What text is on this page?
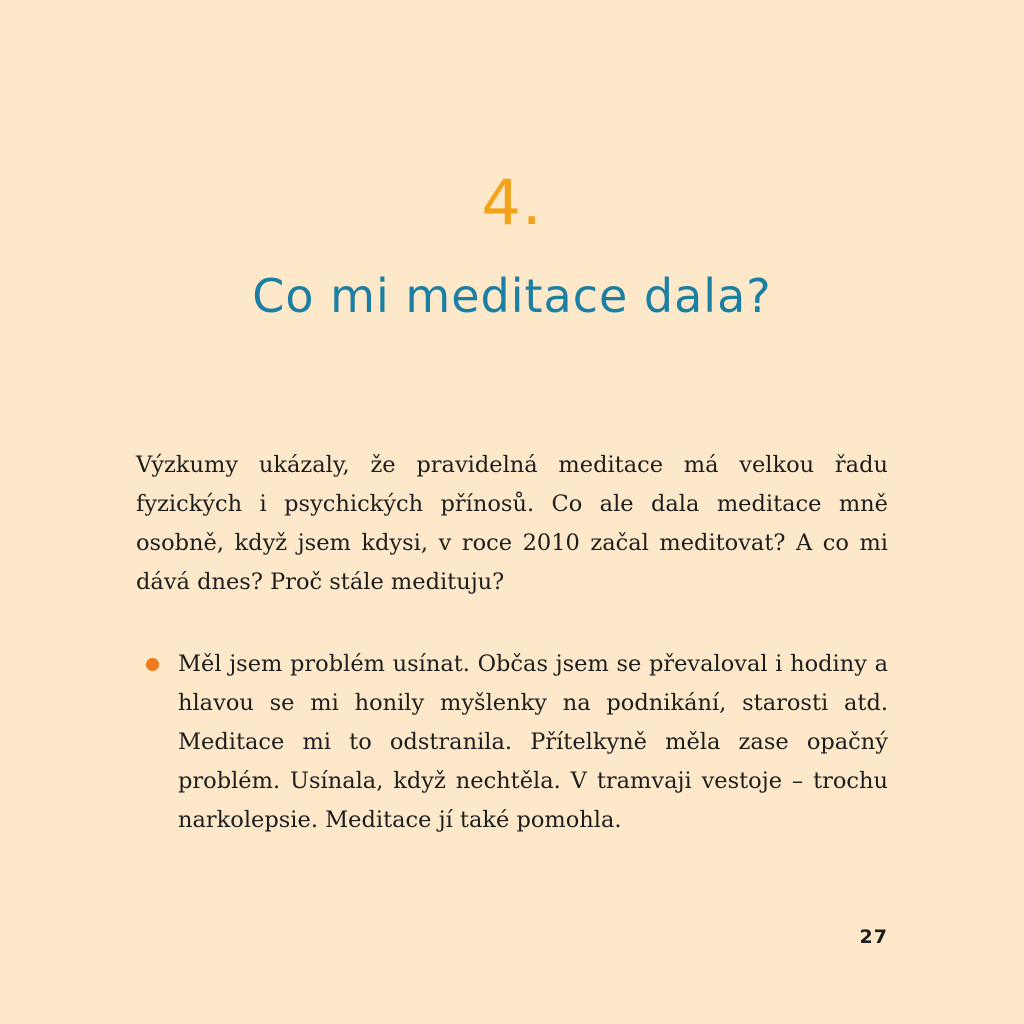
4.
Co mi meditace dala?

Výzkumy ukázaly, že pravidelná meditace má velkou řadu fyzických i psychických přínosů. Co ale dala meditace mně osobně, když jsem kdysi, v roce 2010 začal meditovat? A co mi dává dnes? Proč stále medituju?

Měl jsem problém usínat. Občas jsem se převaloval i hodiny a hlavou se mi honily myšlenky na podnikání, starosti atd. Meditace mi to odstranila. Přítelkyně měla zase opačný problém. Usínala, když nechtěla. V tramvaji vestoje – trochu narkolepsie. Meditace jí také pomohla.
27
